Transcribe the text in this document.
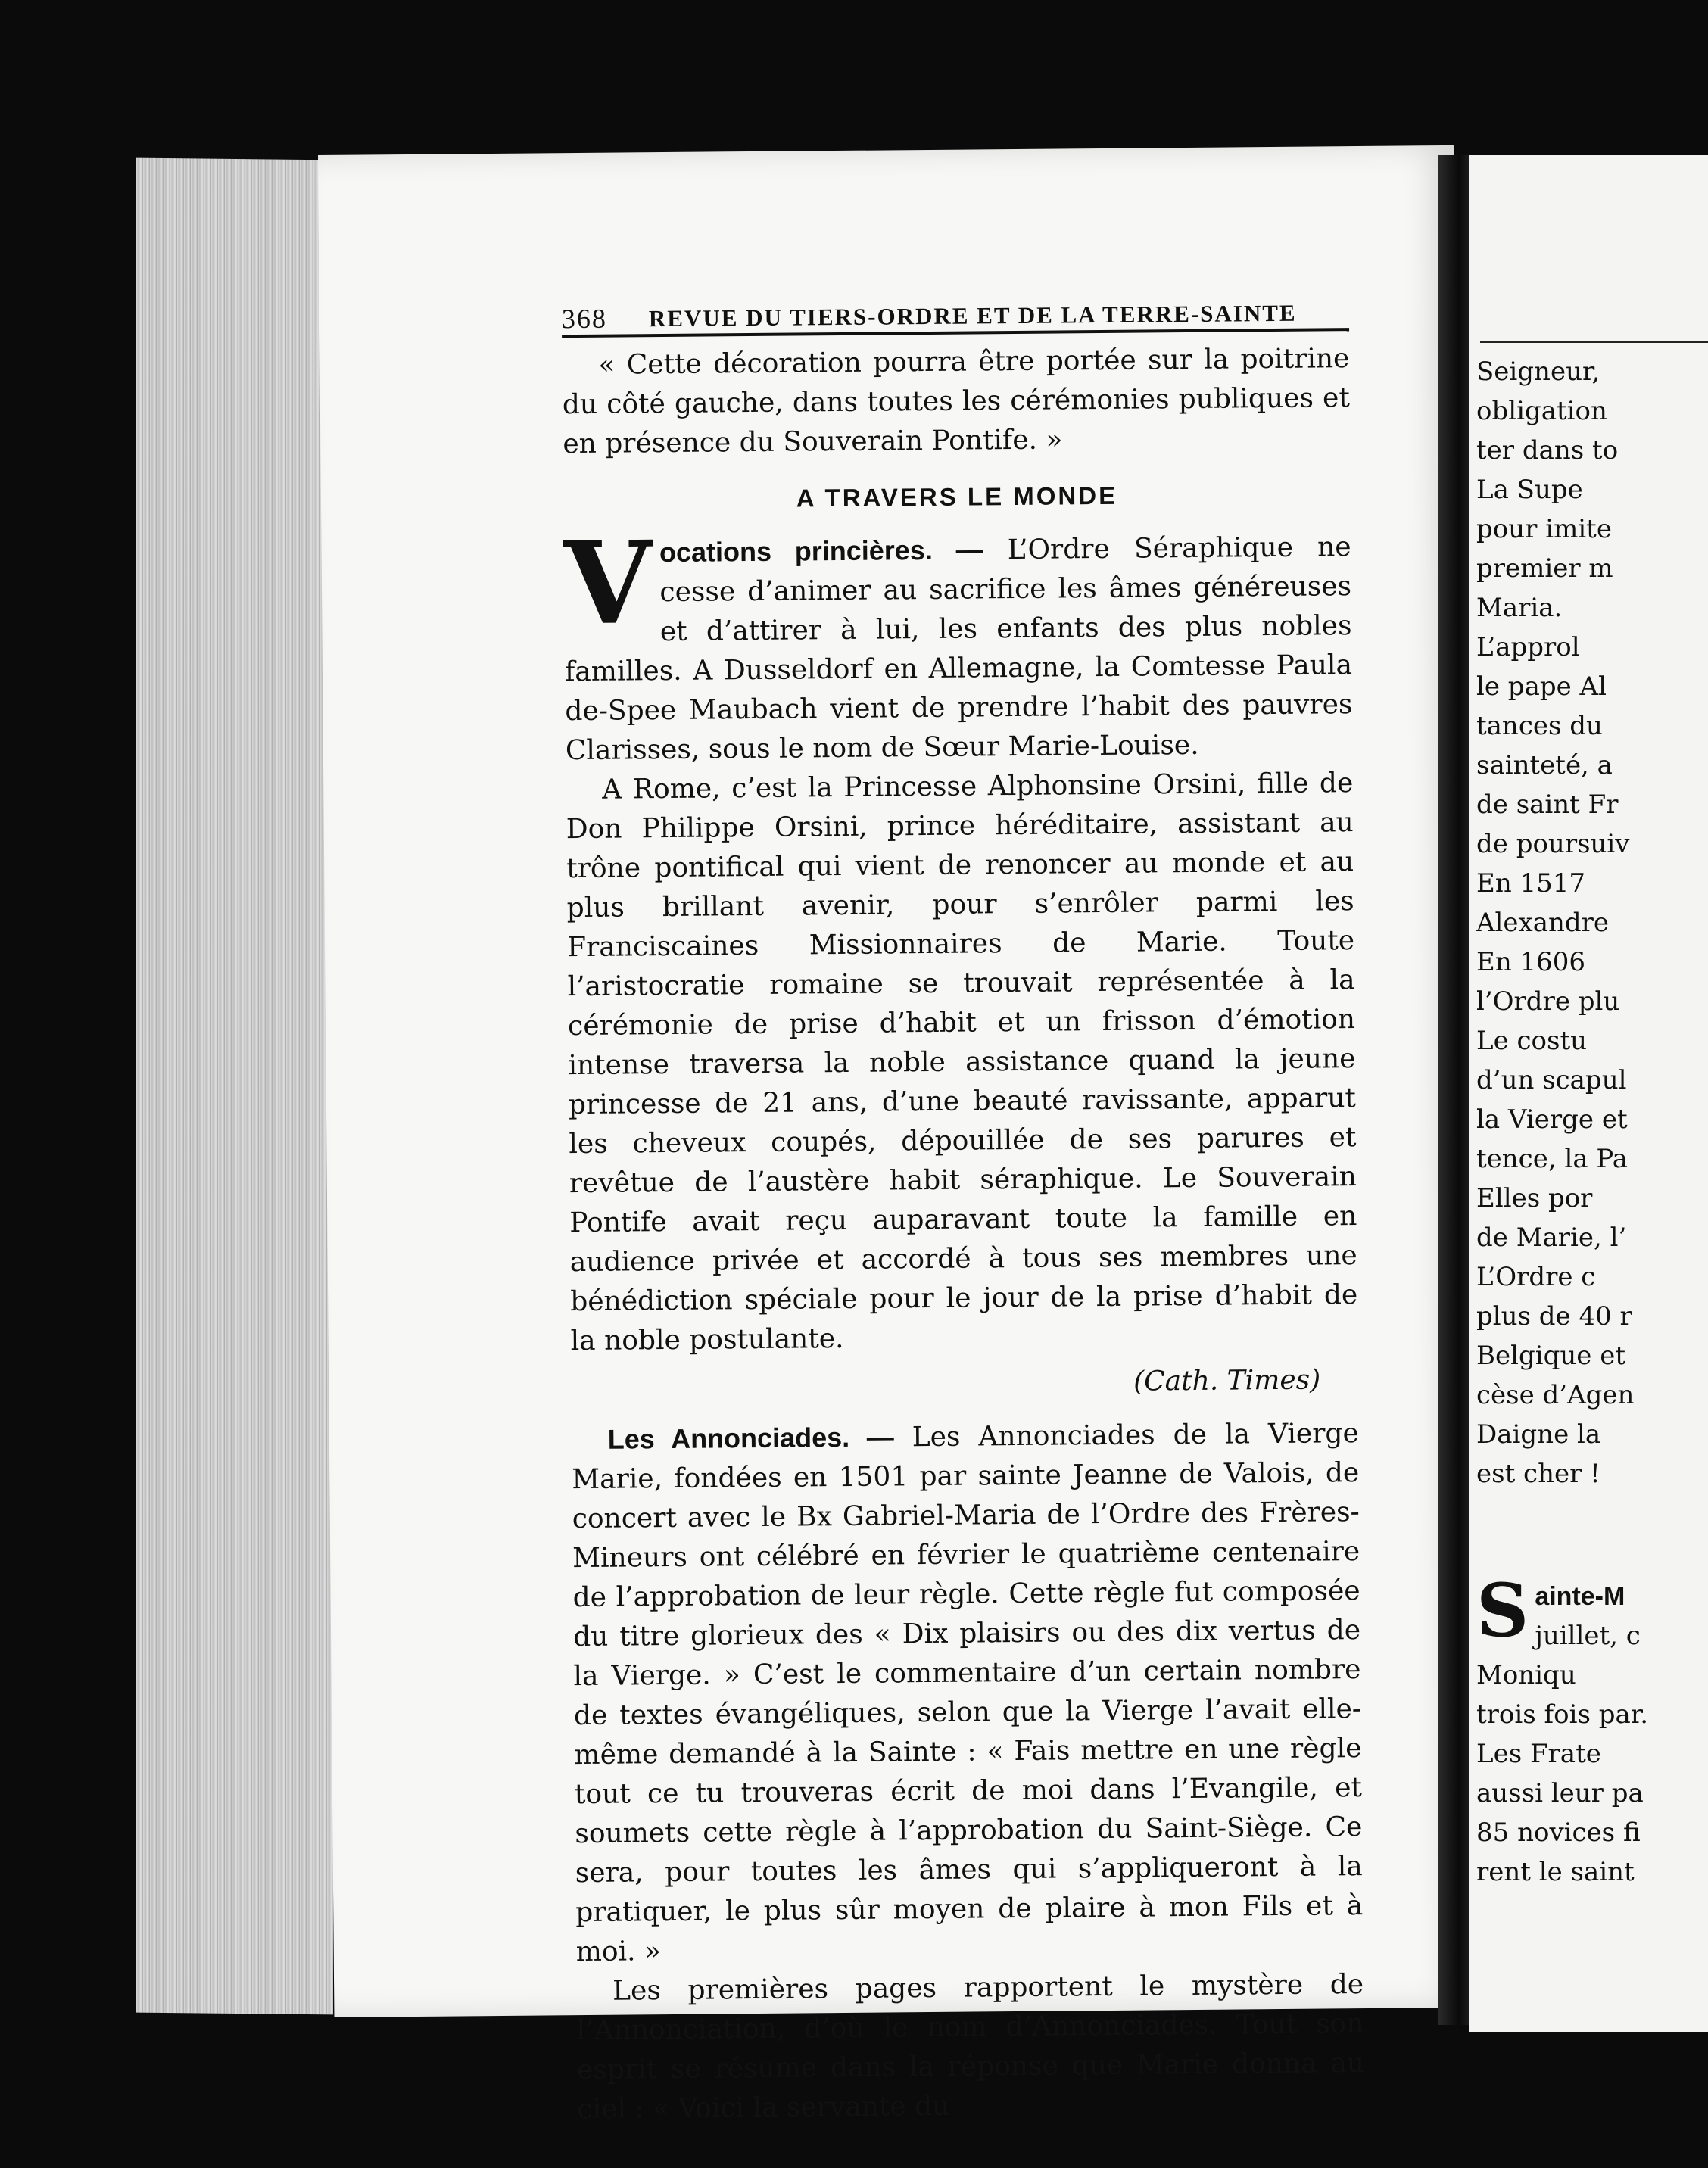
368 REVUE DU TIERS-ORDRE ET DE LA TERRE-SAINTE

« Cette décoration pourra être portée sur la poitrine du côté gauche, dans toutes les cérémonies publiques et en présence du Souverain Pontife. »

A TRAVERS LE MONDE

V ocations princières. — L’Ordre Séraphique ne cesse d’animer au sacrifice les âmes généreuses et d’attirer à lui, les enfants des plus nobles familles. A Dusseldorf en Allemagne, la Comtesse Paula de-Spee Maubach vient de prendre l’habit des pauvres Clarisses, sous le nom de Sœur Marie-Louise.

A Rome, c’est la Princesse Alphonsine Orsini, fille de Don Philippe Orsini, prince héréditaire, assistant au trône pontifical qui vient de renoncer au monde et au plus brillant avenir, pour s’enrôler parmi les Franciscaines Missionnaires de Marie. Toute l’aristocratie romaine se trouvait représentée à la cérémonie de prise d’habit et un frisson d’émotion intense traversa la noble assistance quand la jeune princesse de 21 ans, d’une beauté ravissante, apparut les cheveux coupés, dépouillée de ses parures et revêtue de l’austère habit séraphique. Le Souverain Pontife avait reçu auparavant toute la famille en audience privée et accordé à tous ses membres une bénédiction spéciale pour le jour de la prise d’habit de la noble postulante.

(Cath. Times)

Les Annonciades. — Les Annonciades de la Vierge Marie, fondées en 1501 par sainte Jeanne de Valois, de concert avec le Bx Gabriel-Maria de l’Ordre des Frères-Mineurs ont célébré en février le quatrième centenaire de l’approbation de leur règle. Cette règle fut composée du titre glorieux des « Dix plaisirs ou des dix vertus de la Vierge. » C’est le commentaire d’un certain nombre de textes évangéliques, selon que la Vierge l’avait elle-même demandé à la Sainte : « Fais mettre en une règle tout ce tu trouveras écrit de moi dans l’Evangile, et soumets cette règle à l’approbation du Saint-Siège. Ce sera, pour toutes les âmes qui s’appliqueront à la pratiquer, le plus sûr moyen de plaire à mon Fils et à moi. »

Les premières pages rapportent le mystère de l’Annonciation, d’où le nom d’Annonciades. Tout son esprit se résume dans la réponse que Marie donna au ciel : « Voici la servante du

Seigneur,
obligation
ter dans to
La Supe
pour imite
premier m
Maria.
L’approl
le pape Al
tances du
sainteté, a
de saint Fr
de poursuiv
En 1517
Alexandre
En 1606
l’Ordre plu
Le costu
d’un scapul
la Vierge et
tence, la Pa
Elles por
de Marie, l’
L’Ordre c
plus de 40 r
Belgique et
cèse d’Agen
Daigne la
est cher !
S ainte-M
juillet, c
Moniqu
trois fois par.
Les Frate
aussi leur pa
85 novices fi
rent le saint
